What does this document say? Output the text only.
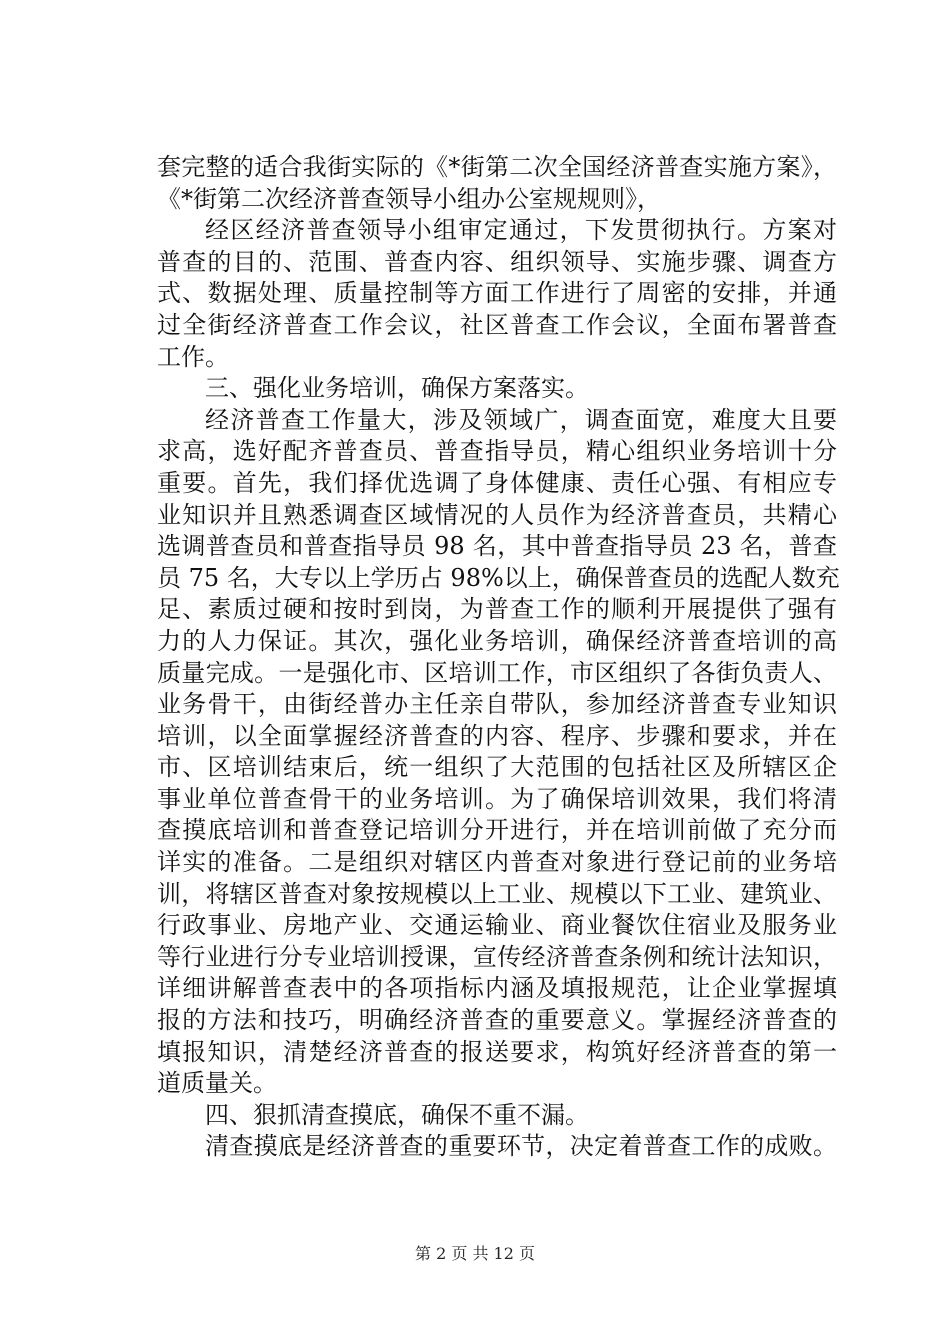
套完整的适合我街实际的《*街第二次全国经济普查实施方案》，
《*街第二次经济普查领导小组办公室规规则》，
经区经济普查领导小组审定通过，下发贯彻执行。方案对
普查的目的、范围、普查内容、组织领导、实施步骤、调查方
式、数据处理、质量控制等方面工作进行了周密的安排，并通
过全街经济普查工作会议，社区普查工作会议，全面布署普查
工作。
三、强化业务培训，确保方案落实。
经济普查工作量大，涉及领域广，调查面宽，难度大且要
求高，选好配齐普查员、普查指导员，精心组织业务培训十分
重要。首先，我们择优选调了身体健康、责任心强、有相应专
业知识并且熟悉调查区域情况的人员作为经济普查员，共精心
选调普查员和普查指导员 98 名，其中普查指导员 23 名，普查
员 75 名，大专以上学历占 98%以上，确保普查员的选配人数充
足、素质过硬和按时到岗，为普查工作的顺利开展提供了强有
力的人力保证。其次，强化业务培训，确保经济普查培训的高
质量完成。一是强化市、区培训工作，市区组织了各街负责人、
业务骨干，由街经普办主任亲自带队，参加经济普查专业知识
培训，以全面掌握经济普查的内容、程序、步骤和要求，并在
市、区培训结束后，统一组织了大范围的包括社区及所辖区企
事业单位普查骨干的业务培训。为了确保培训效果，我们将清
查摸底培训和普查登记培训分开进行，并在培训前做了充分而
详实的准备。二是组织对辖区内普查对象进行登记前的业务培
训，将辖区普查对象按规模以上工业、规模以下工业、建筑业、
行政事业、房地产业、交通运输业、商业餐饮住宿业及服务业
等行业进行分专业培训授课，宣传经济普查条例和统计法知识，
详细讲解普查表中的各项指标内涵及填报规范，让企业掌握填
报的方法和技巧，明确经济普查的重要意义。掌握经济普查的
填报知识，清楚经济普查的报送要求，构筑好经济普查的第一
道质量关。
四、狠抓清查摸底，确保不重不漏。
清查摸底是经济普查的重要环节，决定着普查工作的成败。
第 2 页 共 12 页
